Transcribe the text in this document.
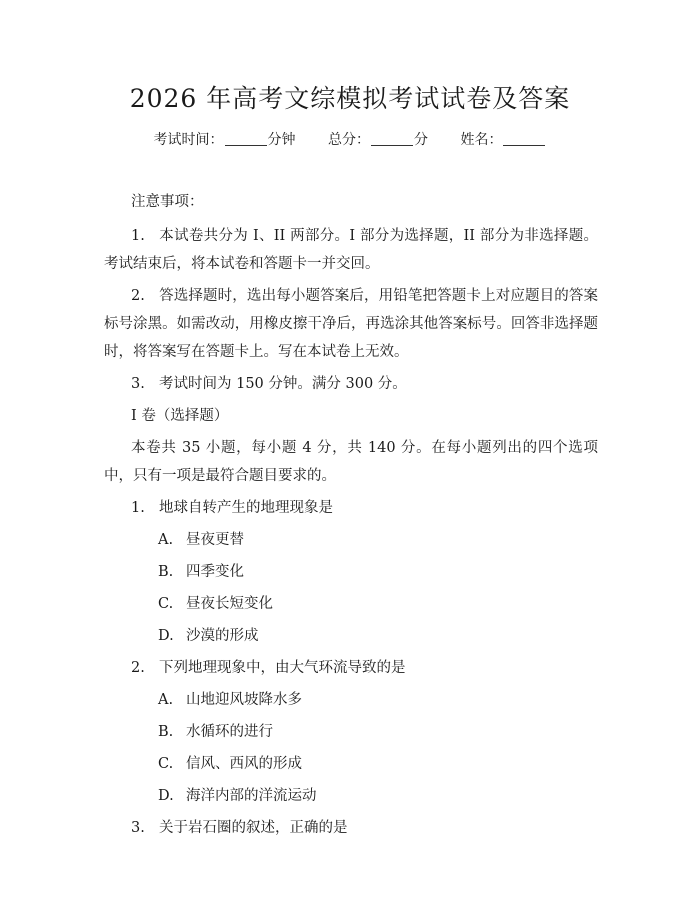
2026 年高考文综模拟考试试卷及答案
考试时间：	分钟 总分：	分 姓名：

注意事项：

1. 本试卷共分为 I、II 两部分。I 部分为选择题，II 部分为非选择题。考试结束后，将本试卷和答题卡一并交回。

2. 答选择题时，选出每小题答案后，用铅笔把答题卡上对应题目的答案标号涂黑。如需改动，用橡皮擦干净后，再选涂其他答案标号。回答非选择题时，将答案写在答题卡上。写在本试卷上无效。

3. 考试时间为 150 分钟。满分 300 分。

I 卷（选择题）

本卷共 35 小题，每小题 4 分，共 140 分。在每小题列出的四个选项中，只有一项是最符合题目要求的。

1. 地球自转产生的地理现象是

A. 昼夜更替

B. 四季变化

C. 昼夜长短变化

D. 沙漠的形成

2. 下列地理现象中，由大气环流导致的是

A. 山地迎风坡降水多

B. 水循环的进行

C. 信风、西风的形成

D. 海洋内部的洋流运动

3. 关于岩石圈的叙述，正确的是
